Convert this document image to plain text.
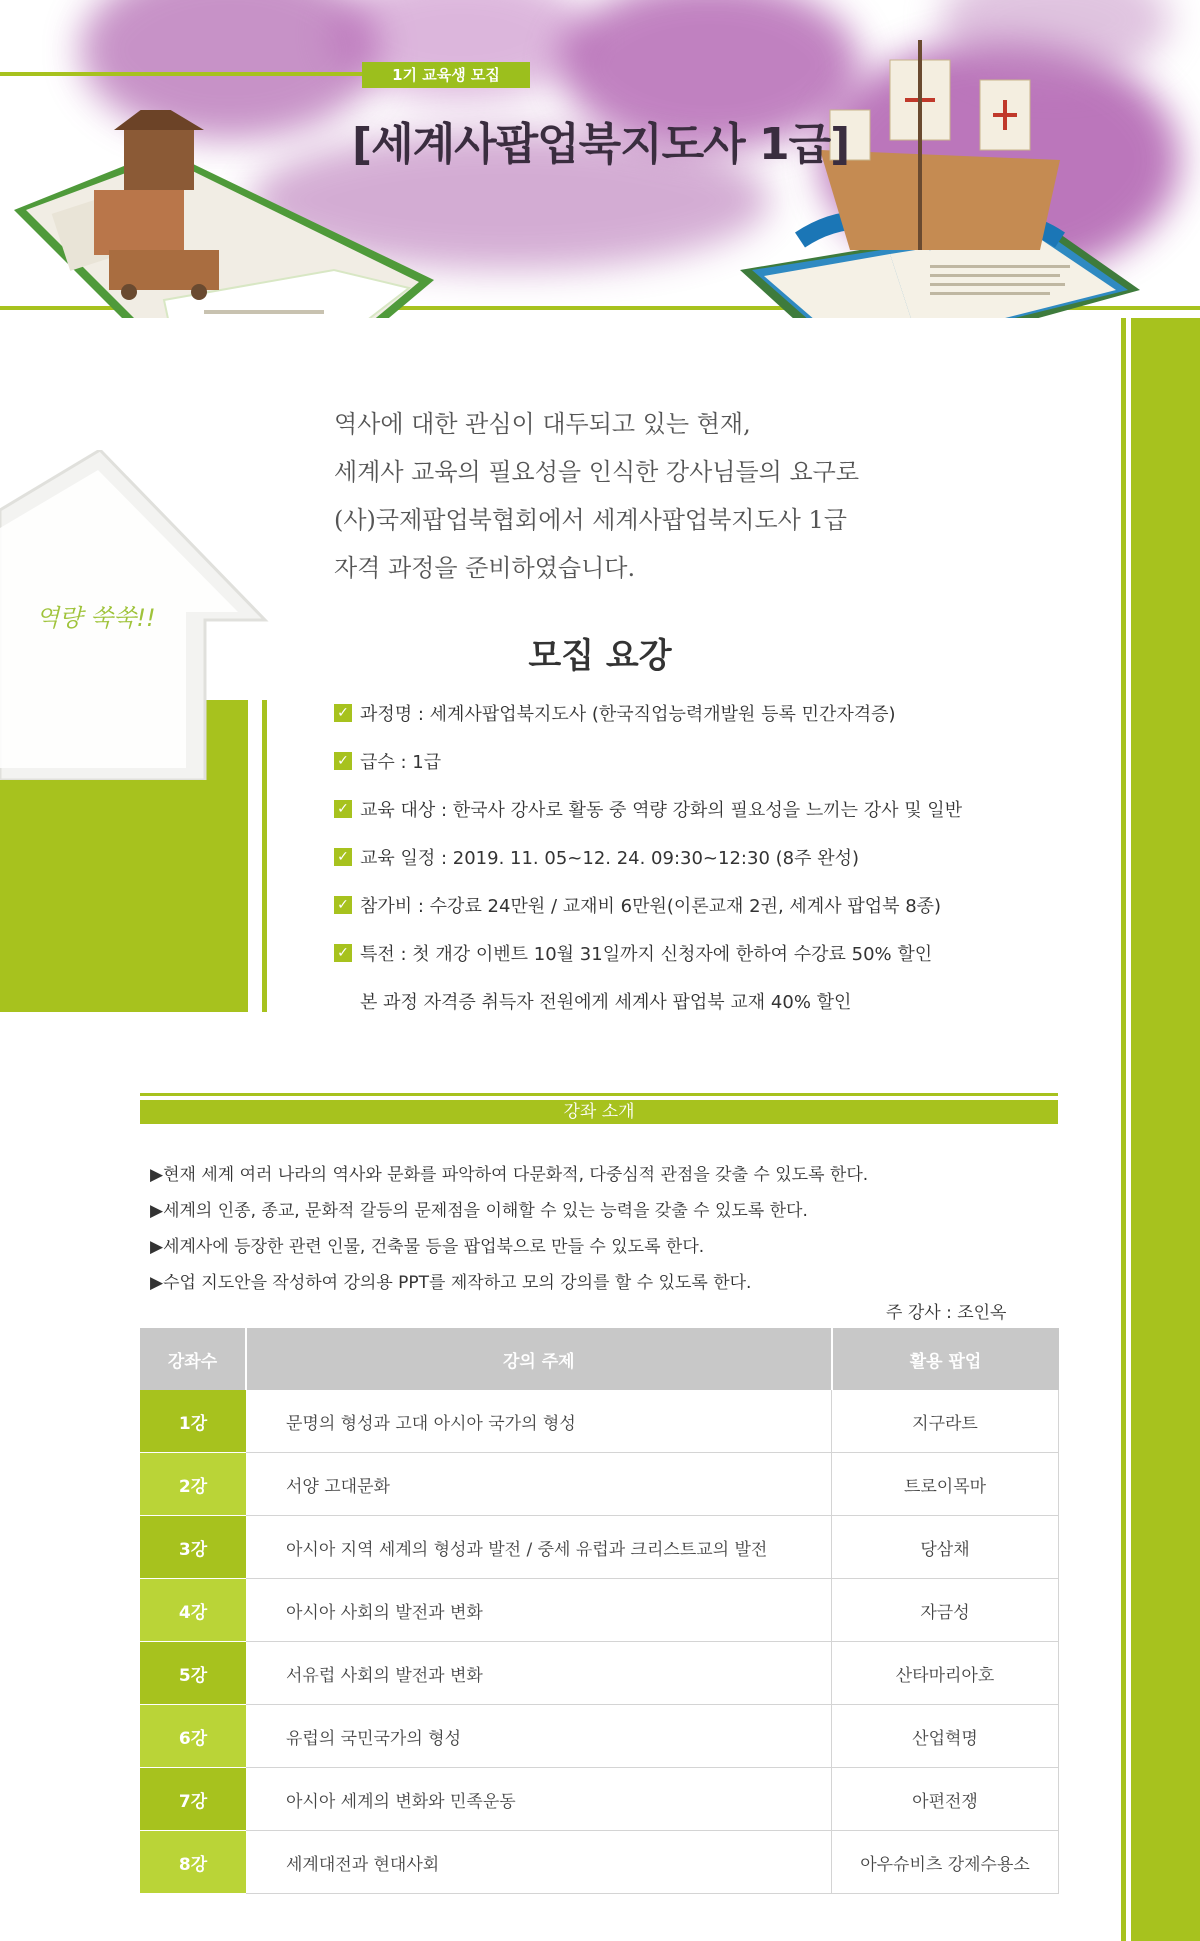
1기 교육생 모집
[세계사팝업북지도사 1급]
역량 쑥쑥!!
역사에 대한 관심이 대두되고 있는 현재,
세계사 교육의 필요성을 인식한 강사님들의 요구로
(사)국제팝업북협회에서 세계사팝업북지도사 1급
자격 과정을 준비하였습니다.
모집 요강
✓ 과정명 : 세계사팝업북지도사 (한국직업능력개발원 등록 민간자격증)
✓ 급수 : 1급
✓ 교육 대상 : 한국사 강사로 활동 중 역량 강화의 필요성을 느끼는 강사 및 일반
✓ 교육 일정 : 2019. 11. 05~12. 24. 09:30~12:30 (8주 완성)
✓ 참가비 : 수강료 24만원 / 교재비 6만원(이론교재 2권, 세계사 팝업북 8종)
✓ 특전 : 첫 개강 이벤트 10월 31일까지 신청자에 한하여 수강료 50% 할인
본 과정 자격증 취득자 전원에게 세계사 팝업북 교재 40% 할인
강좌 소개
▶현재 세계 여러 나라의 역사와 문화를 파악하여 다문화적, 다중심적 관점을 갖출 수 있도록 한다.
▶세계의 인종, 종교, 문화적 갈등의 문제점을 이해할 수 있는 능력을 갖출 수 있도록 한다.
▶세계사에 등장한 관련 인물, 건축물 등을 팝업북으로 만들 수 있도록 한다.
▶수업 지도안을 작성하여 강의용 PPT를 제작하고 모의 강의를 할 수 있도록 한다.
주 강사 : 조인옥
강좌수	강의 주제	활용 팝업
1강	문명의 형성과 고대 아시아 국가의 형성	지구라트
2강	서양 고대문화	트로이목마
3강	아시아 지역 세계의 형성과 발전 / 중세 유럽과 크리스트교의 발전	당삼채
4강	아시아 사회의 발전과 변화	자금성
5강	서유럽 사회의 발전과 변화	산타마리아호
6강	유럽의 국민국가의 형성	산업혁명
7강	아시아 세계의 변화와 민족운동	아편전쟁
8강	세계대전과 현대사회	아우슈비츠 강제수용소
